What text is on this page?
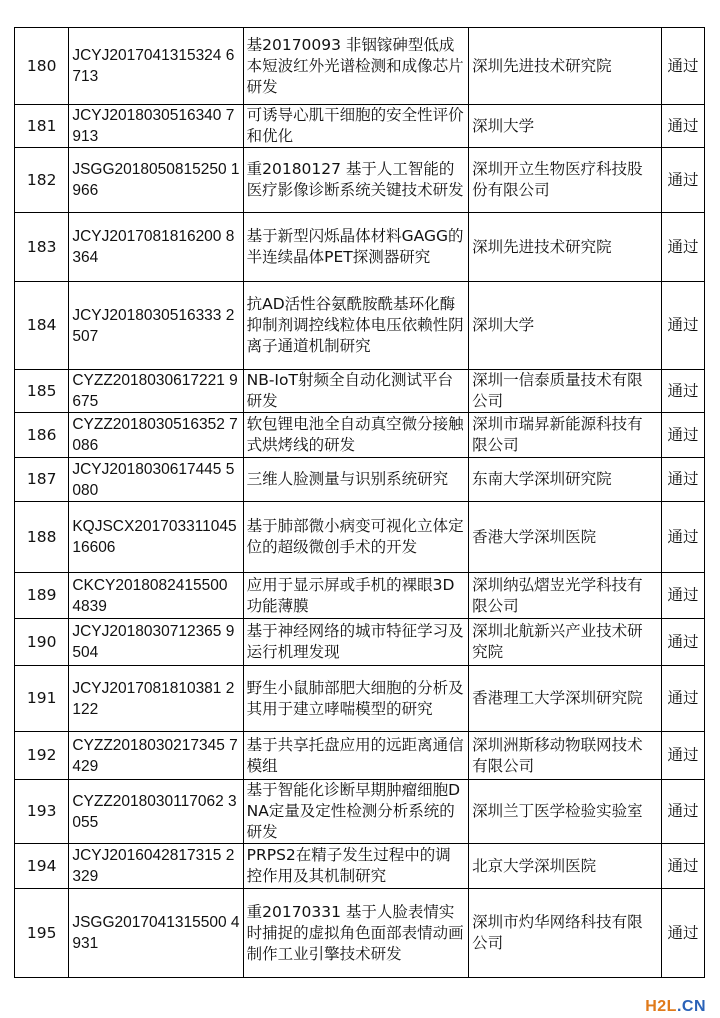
180	JCYJ2017041315324 6713	基20170093 非铟镓砷型低成本短波红外光谱检测和成像芯片研发	深圳先进技术研究院	通过
181	JCYJ2018030516340 7913	可诱导心肌干细胞的安全性评价和优化	深圳大学	通过
182	JSGG2018050815250 1966	重20180127 基于人工智能的医疗影像诊断系统关键技术研发	深圳开立生物医疗科技股份有限公司	通过
183	JCYJ2017081816200 8364	基于新型闪烁晶体材料GAGG的半连续晶体PET探测器研究	深圳先进技术研究院	通过
184	JCYJ2018030516333 2507	抗AD活性谷氨酰胺酰基环化酶抑制剂调控线粒体电压依赖性阴离子通道机制研究	深圳大学	通过
185	CYZZ2018030617221 9675	NB-IoT射频全自动化测试平台研发	深圳一信泰质量技术有限公司	通过
186	CYZZ2018030516352 7086	软包锂电池全自动真空微分接触式烘烤线的研发	深圳市瑞昇新能源科技有限公司	通过
187	JCYJ2018030617445 5080	三维人脸测量与识别系统研究	东南大学深圳研究院	通过
188	KQJSCX20170331104516606	基于肺部微小病变可视化立体定位的超级微创手术的开发	香港大学深圳医院	通过
189	CKCY2018082415500 4839	应用于显示屏或手机的裸眼3D功能薄膜	深圳纳弘熠岦光学科技有限公司	通过
190	JCYJ2018030712365 9504	基于神经网络的城市特征学习及运行机理发现	深圳北航新兴产业技术研究院	通过
191	JCYJ2017081810381 2122	野生小鼠肺部肥大细胞的分析及其用于建立哮喘模型的研究	香港理工大学深圳研究院	通过
192	CYZZ2018030217345 7429	基于共享托盘应用的远距离通信模组	深圳洲斯移动物联网技术有限公司	通过
193	CYZZ2018030117062 3055	基于智能化诊断早期肿瘤细胞DNA定量及定性检测分析系统的研发	深圳兰丁医学检验实验室	通过
194	JCYJ2016042817315 2329	PRPS2在精子发生过程中的调控作用及其机制研究	北京大学深圳医院	通过
195	JSGG2017041315500 4931	重20170331 基于人脸表情实时捕捉的虚拟角色面部表情动画制作工业引擎技术研发	深圳市灼华网络科技有限公司	通过
H2L.CN
